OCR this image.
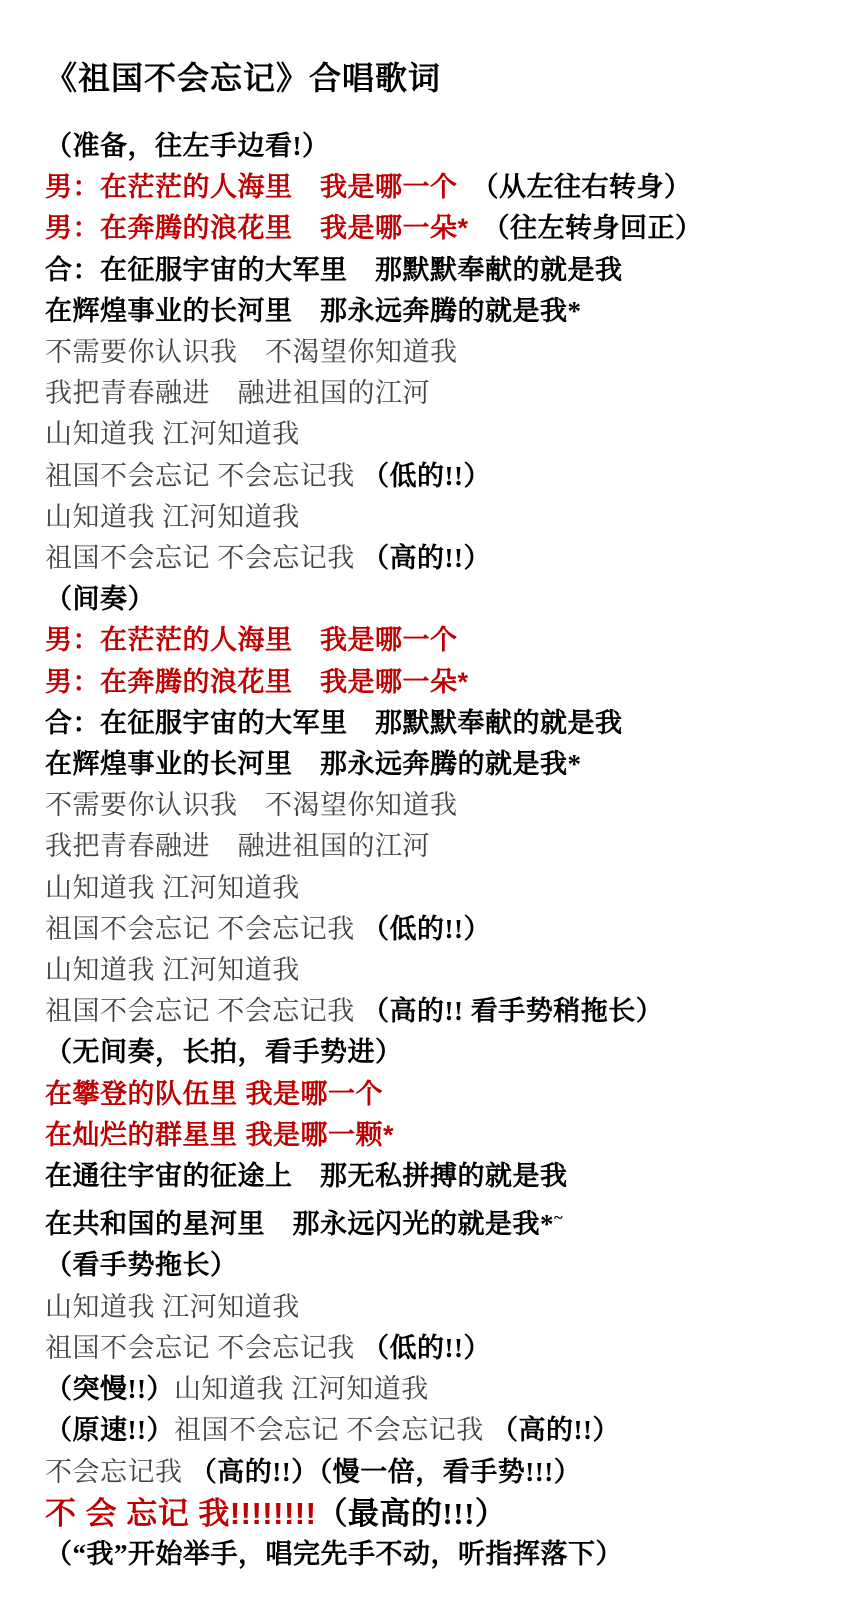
《祖国不会忘记》合唱歌词

（准备，往左手边看!）

男：在茫茫的人海里　我是哪一个　（从左往右转身）

男：在奔腾的浪花里　我是哪一朵*　（往左转身回正）

合：在征服宇宙的大军里　那默默奉献的就是我

在辉煌事业的长河里　那永远奔腾的就是我*

不需要你认识我　不渴望你知道我

我把青春融进　融进祖国的江河

山知道我 江河知道我

祖国不会忘记 不会忘记我 （低的!!）

山知道我 江河知道我

祖国不会忘记 不会忘记我 （高的!!）

（间奏）

男：在茫茫的人海里　我是哪一个

男：在奔腾的浪花里　我是哪一朵*

合：在征服宇宙的大军里　那默默奉献的就是我

在辉煌事业的长河里　那永远奔腾的就是我*

不需要你认识我　不渴望你知道我

我把青春融进　融进祖国的江河

山知道我 江河知道我

祖国不会忘记 不会忘记我 （低的!!）

山知道我 江河知道我

祖国不会忘记 不会忘记我 （高的!! 看手势稍拖长）

（无间奏，长拍，看手势进）

在攀登的队伍里 我是哪一个

在灿烂的群星里 我是哪一颗*

在通往宇宙的征途上　那无私拼搏的就是我

在共和国的星河里　那永远闪光的就是我*~

（看手势拖长）

山知道我 江河知道我

祖国不会忘记 不会忘记我 （低的!!）

（突慢!!）山知道我 江河知道我

（原速!!）祖国不会忘记 不会忘记我 （高的!!）

不会忘记我 （高的!!）（慢一倍，看手势!!!）

不 会 忘记 我!!!!!!!!（最高的!!!）

（“我”开始举手，唱完先手不动，听指挥落下）
